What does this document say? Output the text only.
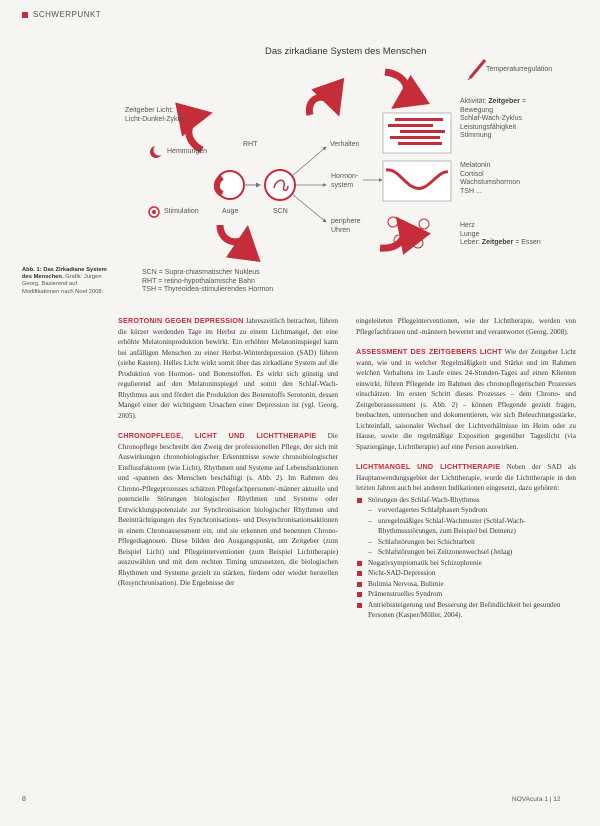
SCHWERPUNKT
Das zirkadiane System des Menschen
Zeitgeber Licht:
Licht-Dunkel-Zyklus
RHT
Hemmungen
Stimulation	Auge	SCN
Verhalten
Hormon-
system
periphere
Uhren
Temperaturregulation
Aktivität: Zeitgeber =
Bewegung
Schlaf-Wach-Zyklus
Leistungsfähigkeit
Stimmung
Melatonin
Cortisol
Wachstumshormon
TSH ...
Herz
Lunge
Leber: Zeitgeber = Essen
Abb. 1: Das Zirkadiane System des Menschen. Grafik: Jürgen Georg. Basierend auf Modifikationen nach Noel 2008.
SCN = Supra-chiasmatischer Nukleus
RHT = retino-hypothalamische Bahn
TSH = Thyreoidea-stimulierendes Hormon

SEROTONIN GEGEN DEPRESSION Jahreszeitlich betrachtet, führen die kürzer werdenden Tage im Herbst zu einem Lichtmangel, der eine erhöhte Melatoninproduktion bewirkt. Ein erhöhter Melatoninspiegel kann bei anfälligen Menschen zu einer Herbst-Winterdepression (SAD) führen (siehe Kasten). Helles Licht wirkt somit über das zirkadiane System auf die Produktion von Hormon- und Botenstoffen. Es wirkt sich günstig und regulierend auf den Melatoninspiegel und somit den Schlaf-Wach-Rhythmus aus und fördert die Produktion des Botenstoffs Serotonin, dessen Mangel einer der wichtigsten Ursachen einer Depression ist (vgl. Georg, 2005).

CHRONOPFLEGE, LICHT UND LICHTTHERAPIE Die Chronopflege beschreibt den Zweig der professionellen Pflege, der sich mit Auswirkungen chronobiologischer Erkenntnisse sowie chronobiologischer Einflussfaktoren (wie Licht), Rhythmen und Systeme auf Lebensfunktionen und -spannen des Menschen beschäftigt (s. Abb. 2). Im Rahmen des Chrono-Pflegeprozesses schätzen Pflegefachpersonen/-männer aktuelle und potenzielle Störungen biologischer Rhythmen und Systeme oder Entwicklungspotenziale zur Synchronisation biologischer Rhythmen und Beeinträchtigungen des Synchronisations- und Desynchronisationsaktionen in einem Chronoassessment ein, und sie erkennen und benennen Chrono-Pflegediagnosen. Diese bilden den Ausgangspunkt, um Zeitgeber (zum Beispiel Licht) und Pflegeinterventionen (zum Beispiel Lichttherapie) auszuwählen und mit dem rechten Timing umzusetzen, die biologischen Rhythmen und Systeme gezielt zu stärken, fördern oder wieder herstellen (Resynchronisation). Die Ergebnisse der

eingeleiteten Pflegeinterventionen, wie der Lichttherapie, werden von Pflegefachfrauen und -männern bewertet und verantwortet (Georg, 2008).

ASSESSMENT DES ZEITGEBERS LICHT Wie der Zeitgeber Licht wann, wie und in welcher Regelmäßigkeit und Stärke und im Rahmen welchen Verhaltens im Laufe eines 24-Stunden-Tages auf einen Klienten einwirkt, führen Pflegende im Rahmen des chronopflegerischen Prozesses einschätzen. Im ersten Schritt dieses Prozesses – dem Chrono- und Zeitgeberassessment (s. Abb. 2) – können Pflegende gezielt fragen, beobachten, untersuchen und dokumentieren, wie sich Beleuchtungsstärke, Lichteinfall, saisonaler Wechsel der Lichtverhältnisse im Heim oder zu Hause, sowie die regelmäßige Exposition gegenüber Tageslicht (via Spaziergänge, Lichttherapie) auf eine Person auswirken.

LICHTMANGEL UND LICHTTHERAPIE Neben der SAD als Hauptanwendungsgebiet der Lichttherapie, wurde die Lichttherapie in den letzten Jahren auch bei anderen Indikationen eingesetzt, dazu gehören:

Störungen des Schlaf-Wach-Rhythmus
– vorverlagertes Schlafphasen Syndrom
– unregelmäßiges Schlaf-Wachmuster (Schlaf-Wach-Rhythmusstörungen, zum Beispiel bei Demenz)
– Schlafstörungen bei Schichtarbeit
– Schlafstörungen bei Zeitzonenwechsel (Jetlag)
Negativsymptomatik bei Schizophrenie
Nicht-SAD-Depression
Bulimia Nervosa, Bulimie
Prämenstruelles Syndrom
Antriebssteigerung und Besserung der Befindlichkeit bei gesunden Personen (Kasper/Möller, 2004).
8	NOVAcura 1 | 12
